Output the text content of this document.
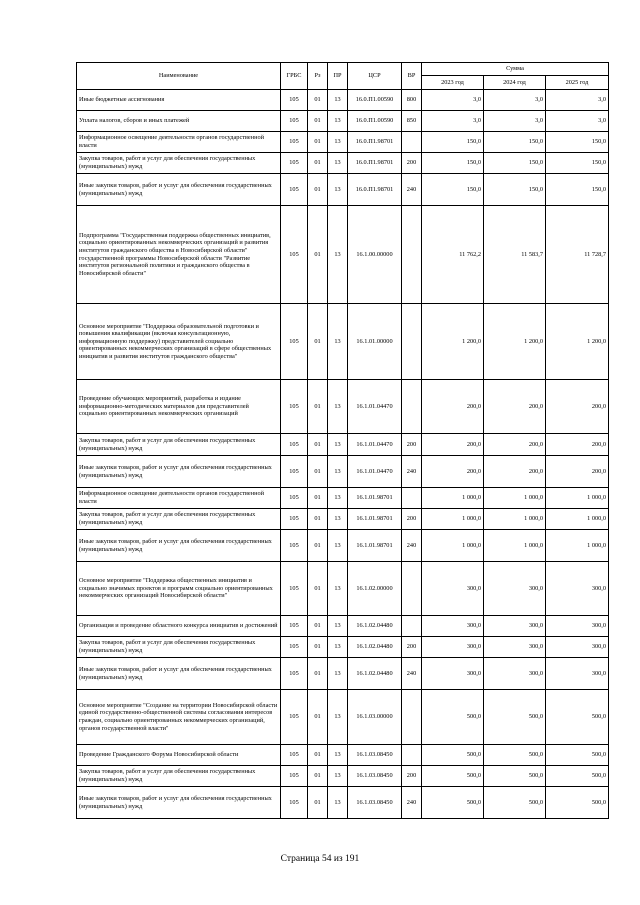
Наименование	ГРБС	Рз	ПР	ЦСР	ВР	Сумма		
						2023 год	2024 год	2025 год
Иные бюджетные ассигнования	105	01	13	16.0.П1.00590	800	3,0	3,0	3,0
Уплата налогов, сборов и иных платежей	105	01	13	16.0.П1.00590	850	3,0	3,0	3,0
Информационное освещение деятельности органов государственной власти	105	01	13	16.0.П1.98701		150,0	150,0	150,0
Закупка товаров, работ и услуг для обеспечения государственных (муниципальных) нужд	105	01	13	16.0.П1.98701	200	150,0	150,0	150,0
Иные закупки товаров, работ и услуг для обеспечения государственных (муниципальных) нужд	105	01	13	16.0.П1.98701	240	150,0	150,0	150,0
Подпрограмма "Государственная поддержка общественных инициатив, социально ориентированных некоммерческих организаций и развития институтов гражданского общества в Новосибирской области" государственной программы Новосибирской области "Развитие институтов региональной политики и гражданского общества в Новосибирской области"	105	01	13	16.1.00.00000		11 762,2	11 583,7	11 728,7
Основное мероприятие "Поддержка образовательной подготовки и повышения квалификации (включая консультационную, информационную поддержку) представителей социально ориентированных некоммерческих организаций в сфере общественных инициатив и развития институтов гражданского общества"	105	01	13	16.1.01.00000		1 200,0	1 200,0	1 200,0
Проведение обучающих мероприятий, разработка и издание информационно-методических материалов для представителей социально ориентированных некоммерческих организаций	105	01	13	16.1.01.04470		200,0	200,0	200,0
Закупка товаров, работ и услуг для обеспечения государственных (муниципальных) нужд	105	01	13	16.1.01.04470	200	200,0	200,0	200,0
Иные закупки товаров, работ и услуг для обеспечения государственных (муниципальных) нужд	105	01	13	16.1.01.04470	240	200,0	200,0	200,0
Информационное освещение деятельности органов государственной власти	105	01	13	16.1.01.98701		1 000,0	1 000,0	1 000,0
Закупка товаров, работ и услуг для обеспечения государственных (муниципальных) нужд	105	01	13	16.1.01.98701	200	1 000,0	1 000,0	1 000,0
Иные закупки товаров, работ и услуг для обеспечения государственных (муниципальных) нужд	105	01	13	16.1.01.98701	240	1 000,0	1 000,0	1 000,0
Основное мероприятие "Поддержка общественных инициатив и социально значимых проектов и программ социально ориентированных некоммерческих организаций Новосибирской области"	105	01	13	16.1.02.00000		300,0	300,0	300,0
Организация и проведение областного конкурса инициатив и достижений	105	01	13	16.1.02.04480		300,0	300,0	300,0
Закупка товаров, работ и услуг для обеспечения государственных (муниципальных) нужд	105	01	13	16.1.02.04480	200	300,0	300,0	300,0
Иные закупки товаров, работ и услуг для обеспечения государственных (муниципальных) нужд	105	01	13	16.1.02.04480	240	300,0	300,0	300,0
Основное мероприятие "Создание на территории Новосибирской области единой государственно-общественной системы согласования интересов граждан, социально ориентированных некоммерческих организаций, органов государственной власти"	105	01	13	16.1.03.00000		500,0	500,0	500,0
Проведение Гражданского Форума Новосибирской области	105	01	13	16.1.03.08450		500,0	500,0	500,0
Закупка товаров, работ и услуг для обеспечения государственных (муниципальных) нужд	105	01	13	16.1.03.08450	200	500,0	500,0	500,0
Иные закупки товаров, работ и услуг для обеспечения государственных (муниципальных) нужд	105	01	13	16.1.03.08450	240	500,0	500,0	500,0
Страница 54 из 191
